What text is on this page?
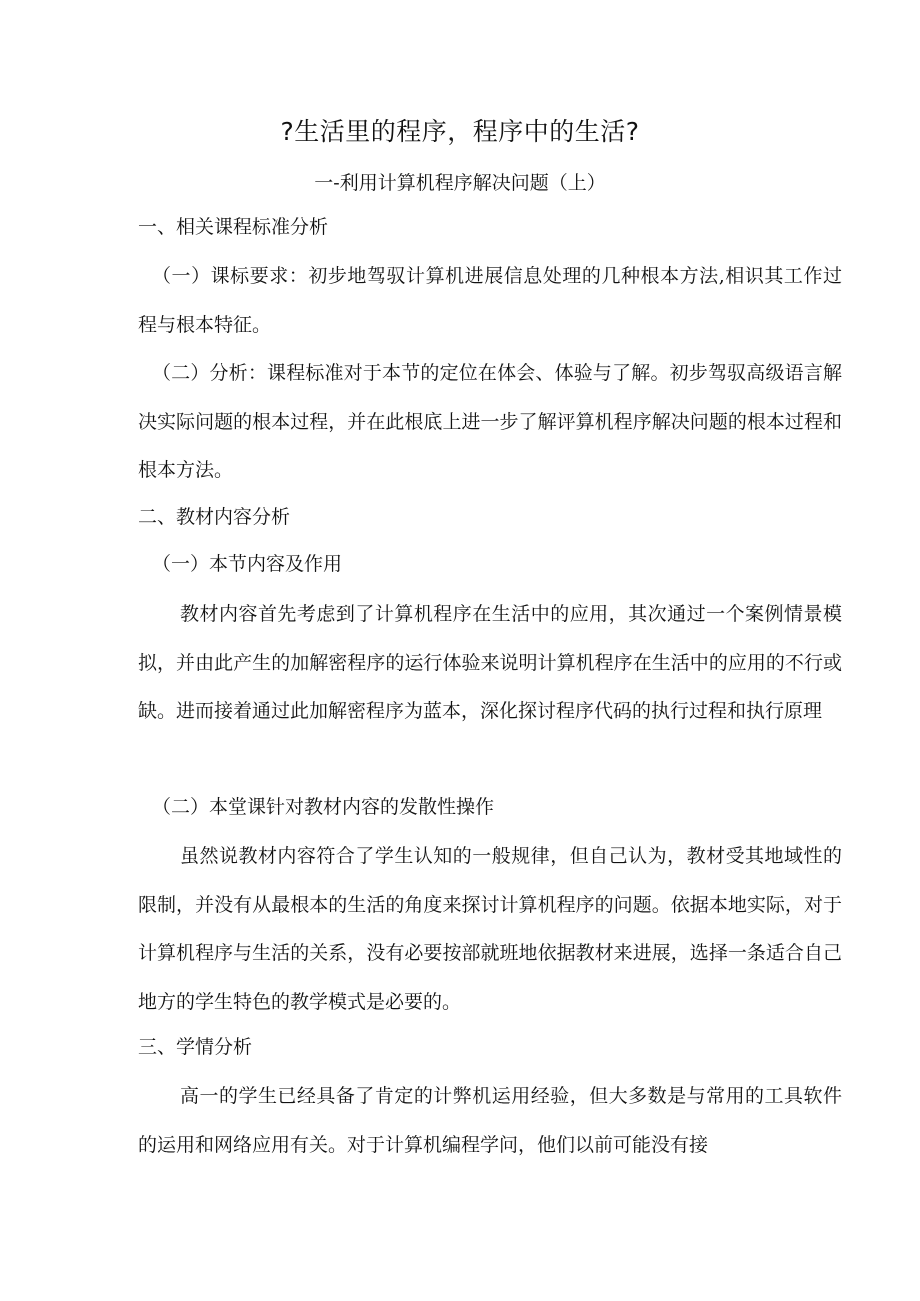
?生活里的程序，程序中的生活?
一-利用计算机程序解决问题（上）
一、相关课程标准分析
（一）课标要求：初步地驾驭计算机进展信息处理的几种根本方法,相识其工作过程与根本特征。
（二）分析：课程标准对于本节的定位在体会、体验与了解。初步驾驭高级语言解决实际问题的根本过程，并在此根底上进一步了解评算机程序解决问题的根本过程和根本方法。
二、教材内容分析
（一）本节内容及作用
教材内容首先考虑到了计算机程序在生活中的应用，其次通过一个案例情景模拟，并由此产生的加解密程序的运行体验来说明计算机程序在生活中的应用的不行或缺。进而接着通过此加解密程序为蓝本，深化探讨程序代码的执行过程和执行原理
（二）本堂课针对教材内容的发散性操作
虽然说教材内容符合了学生认知的一般规律，但自己认为，教材受其地域性的限制，并没有从最根本的生活的角度来探讨计算机程序的问题。依据本地实际，对于计算机程序与生活的关系，没有必要按部就班地依据教材来进展，选择一条适合自己地方的学生特色的教学模式是必要的。
三、学情分析
高一的学生已经具备了肯定的计弊机运用经验，但大多数是与常用的工具软件的运用和网络应用有关。对于计算机编程学问，他们以前可能没有接
